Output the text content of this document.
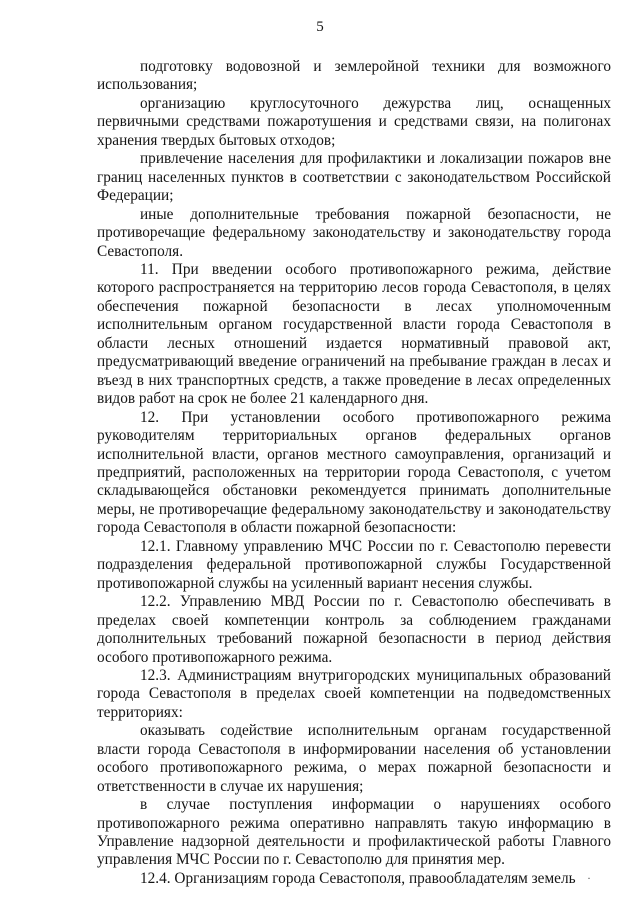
5

подготовку водовозной и землеройной техники для возможного использования;

организацию круглосуточного дежурства лиц, оснащенных первичными средствами пожаротушения и средствами связи, на полигонах хранения твердых бытовых отходов;

привлечение населения для профилактики и локализации пожаров вне границ населенных пунктов в соответствии с законодательством Российской Федерации;

иные дополнительные требования пожарной безопасности, не противоречащие федеральному законодательству и законодательству города Севастополя.

11. При введении особого противопожарного режима, действие которого распространяется на территорию лесов города Севастополя, в целях обеспечения пожарной безопасности в лесах уполномоченным исполнительным органом государственной власти города Севастополя в области лесных отношений издается нормативный правовой акт, предусматривающий введение ограничений на пребывание граждан в лесах и въезд в них транспортных средств, а также проведение в лесах определенных видов работ на срок не более 21 календарного дня.

12. При установлении особого противопожарного режима руководителям территориальных органов федеральных органов исполнительной власти, органов местного самоуправления, организаций и предприятий, расположенных на территории города Севастополя, с учетом складывающейся обстановки рекомендуется принимать дополнительные меры, не противоречащие федеральному законодательству и законодательству города Севастополя в области пожарной безопасности:

12.1. Главному управлению МЧС России по г. Севастополю перевести подразделения федеральной противопожарной службы Государственной противопожарной службы на усиленный вариант несения службы.

12.2. Управлению МВД России по г. Севастополю обеспечивать в пределах своей компетенции контроль за соблюдением гражданами дополнительных требований пожарной безопасности в период действия особого противопожарного режима.

12.3. Администрациям внутригородских муниципальных образований города Севастополя в пределах своей компетенции на подведомственных территориях:

оказывать содействие исполнительным органам государственной власти города Севастополя в информировании населения об установлении особого противопожарного режима, о мерах пожарной безопасности и ответственности в случае их нарушения;

в случае поступления информации о нарушениях особого противопожарного режима оперативно направлять такую информацию в Управление надзорной деятельности и профилактической работы Главного управления МЧС России по г. Севастополю для принятия мер.

12.4. Организациям города Севастополя, правообладателям земель ·
